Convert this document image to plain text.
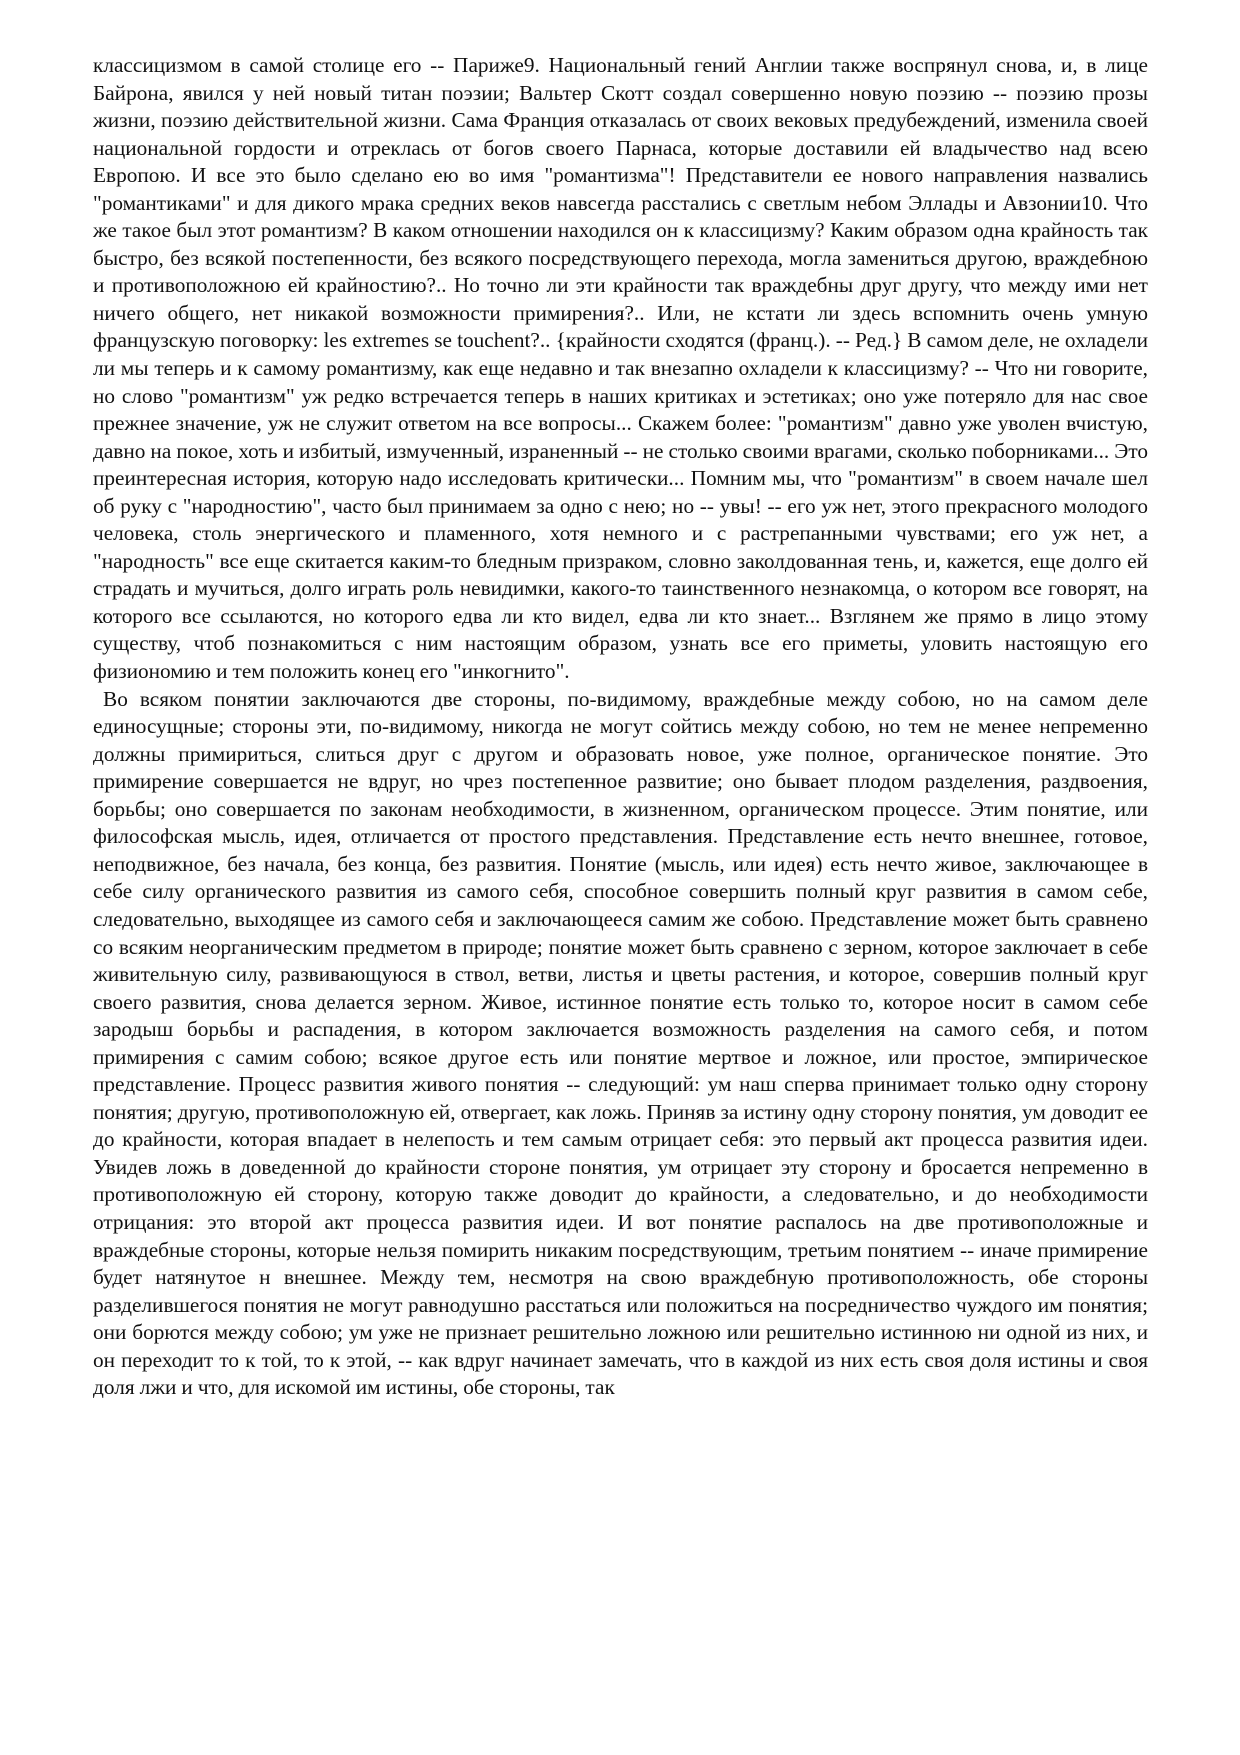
классицизмом в самой столице его -- Париже9. Национальный гений Англии также воспрянул снова, и, в лице Байрона, явился у ней новый титан поэзии; Вальтер Скотт создал совершенно новую поэзию -- поэзию прозы жизни, поэзию действительной жизни. Сама Франция отказалась от своих вековых предубеждений, изменила своей национальной гордости и отреклась от богов своего Парнаса, которые доставили ей владычество над всею Европою. И все это было сделано ею во имя "романтизма"! Представители ее нового направления назвались "романтиками" и для дикого мрака средних веков навсегда расстались с светлым небом Эллады и Авзонии10. Что же такое был этот романтизм? В каком отношении находился он к классицизму? Каким образом одна крайность так быстро, без всякой постепенности, без всякого посредствующего перехода, могла замениться другою, враждебною и противоположною ей крайностию?.. Но точно ли эти крайности так враждебны друг другу, что между ими нет ничего общего, нет никакой возможности примирения?.. Или, не кстати ли здесь вспомнить очень умную французскую поговорку: les extremes se touchent?.. {крайности сходятся (франц.). -- Ред.} В самом деле, не охладели ли мы теперь и к самому романтизму, как еще недавно и так внезапно охладели к классицизму? -- Что ни говорите, но слово "романтизм" уж редко встречается теперь в наших критиках и эстетиках; оно уже потеряло для нас свое прежнее значение, уж не служит ответом на все вопросы... Скажем более: "романтизм" давно уже уволен вчистую, давно на покое, хоть и избитый, измученный, израненный -- не столько своими врагами, сколько поборниками... Это преинтересная история, которую надо исследовать критически... Помним мы, что "романтизм" в своем начале шел об руку с "народностию", часто был принимаем за одно с нею; но -- увы! -- его уж нет, этого прекрасного молодого человека, столь энергического и пламенного, хотя немного и с растрепанными чувствами; его уж нет, а "народность" все еще скитается каким-то бледным призраком, словно заколдованная тень, и, кажется, еще долго ей страдать и мучиться, долго играть роль невидимки, какого-то таинственного незнакомца, о котором все говорят, на которого все ссылаются, но которого едва ли кто видел, едва ли кто знает... Взглянем же прямо в лицо этому существу, чтоб познакомиться с ним настоящим образом, узнать все его приметы, уловить настоящую его физиономию и тем положить конец его "инкогнито".

Во всяком понятии заключаются две стороны, по-видимому, враждебные между собою, но на самом деле единосущные; стороны эти, по-видимому, никогда не могут сойтись между собою, но тем не менее непременно должны примириться, слиться друг с другом и образовать новое, уже полное, органическое понятие. Это примирение совершается не вдруг, но чрез постепенное развитие; оно бывает плодом разделения, раздвоения, борьбы; оно совершается по законам необходимости, в жизненном, органическом процессе. Этим понятие, или философская мысль, идея, отличается от простого представления. Представление есть нечто внешнее, готовое, неподвижное, без начала, без конца, без развития. Понятие (мысль, или идея) есть нечто живое, заключающее в себе силу органического развития из самого себя, способное совершить полный круг развития в самом себе, следовательно, выходящее из самого себя и заключающееся самим же собою. Представление может быть сравнено со всяким неорганическим предметом в природе; понятие может быть сравнено с зерном, которое заключает в себе живительную силу, развивающуюся в ствол, ветви, листья и цветы растения, и которое, совершив полный круг своего развития, снова делается зерном. Живое, истинное понятие есть только то, которое носит в самом себе зародыш борьбы и распадения, в котором заключается возможность разделения на самого себя, и потом примирения с самим собою; всякое другое есть или понятие мертвое и ложное, или простое, эмпирическое представление. Процесс развития живого понятия -- следующий: ум наш сперва принимает только одну сторону понятия; другую, противоположную ей, отвергает, как ложь. Приняв за истину одну сторону понятия, ум доводит ее до крайности, которая впадает в нелепость и тем самым отрицает себя: это первый акт процесса развития идеи. Увидев ложь в доведенной до крайности стороне понятия, ум отрицает эту сторону и бросается непременно в противоположную ей сторону, которую также доводит до крайности, а следовательно, и до необходимости отрицания: это второй акт процесса развития идеи. И вот понятие распалось на две противоположные и враждебные стороны, которые нельзя помирить никаким посредствующим, третьим понятием -- иначе примирение будет натянутое н внешнее. Между тем, несмотря на свою враждебную противоположность, обе стороны разделившегося понятия не могут равнодушно расстаться или положиться на посредничество чуждого им понятия; они борются между собою; ум уже не признает решительно ложною или решительно истинною ни одной из них, и он переходит то к той, то к этой, -- как вдруг начинает замечать, что в каждой из них есть своя доля истины и своя доля лжи и что, для искомой им истины, обе стороны, так
